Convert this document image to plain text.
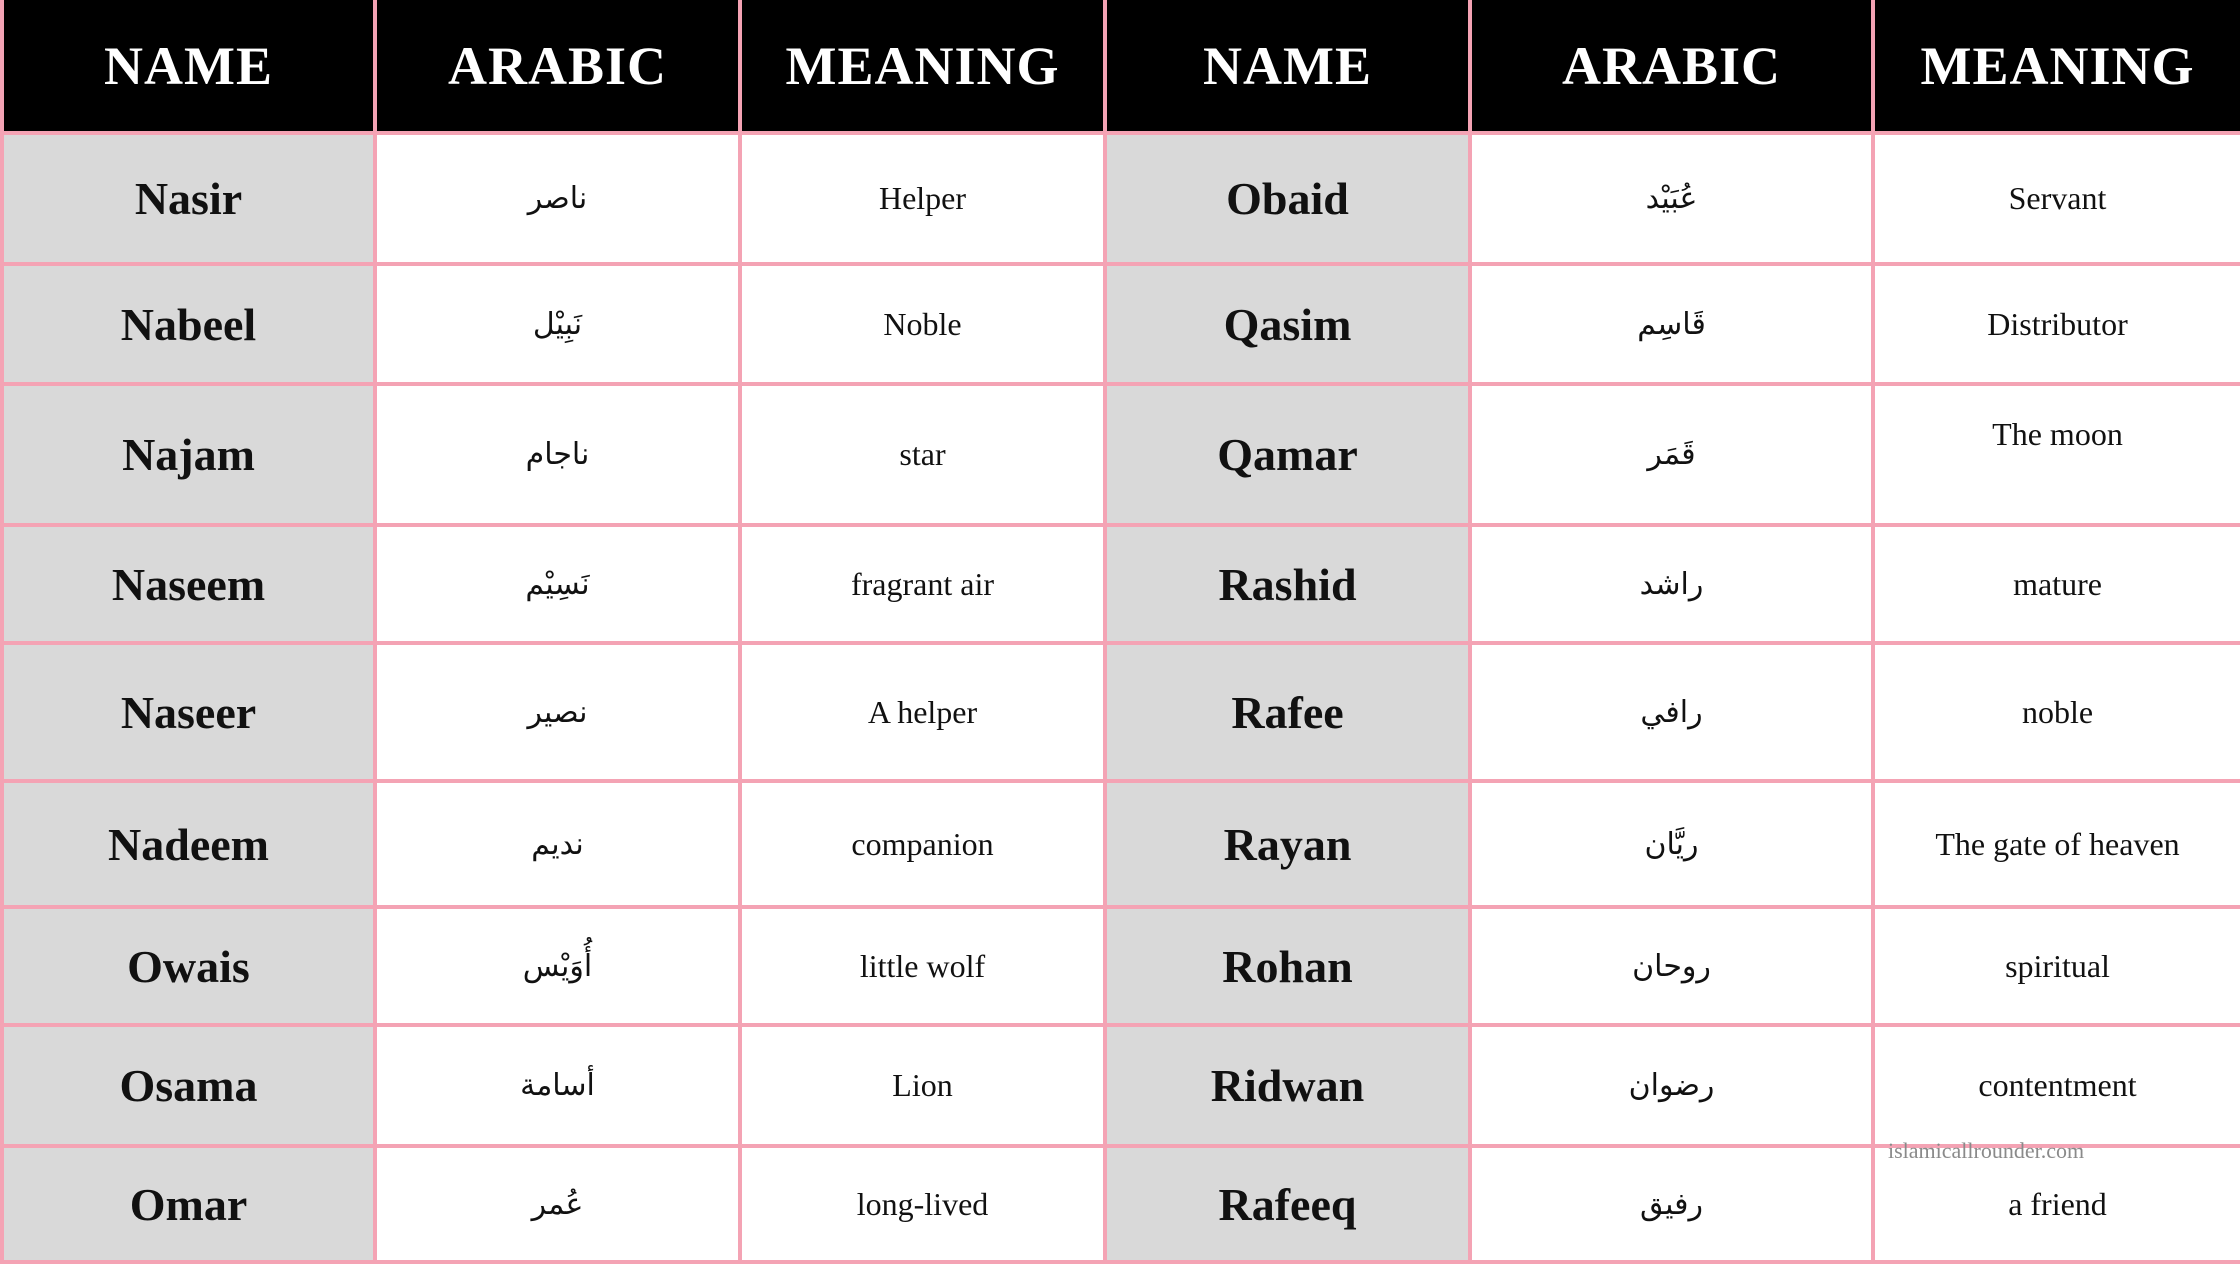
NAME	ARABIC	MEANING	NAME	ARABIC	MEANING
Nasir	ناصر	Helper	Obaid	عُبَيْد	Servant
Nabeel	نَبِيْل	Noble	Qasim	قَاسِم	Distributor
Najam	ناجام	star	Qamar	قَمَر	The moon
Naseem	نَسِيْم	fragrant air	Rashid	راشد	mature
Naseer	نصير	A helper	Rafee	رافي	noble
Nadeem	نديم	companion	Rayan	ريَّان	The gate of heaven
Owais	أُوَيْس	little wolf	Rohan	روحان	spiritual
Osama	أسامة	Lion	Ridwan	رضوان	contentment
Omar	عُمر	long-lived	Rafeeq	رفيق	a friend
islamicallrounder.com
